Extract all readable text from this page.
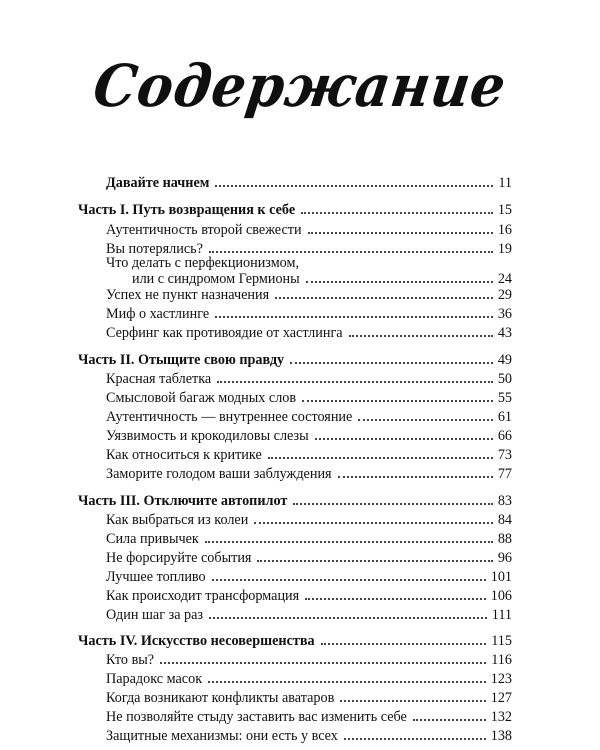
Содержание
Давайте начнем	11
Часть I. Путь возвращения к себе	15
Аутентичность второй свежести	16
Вы потерялись?	19
Что делать с перфекционизмом,
или с синдромом Гермионы	24
Успех не пункт назначения	29
Миф о хастлинге	36
Серфинг как противоядие от хастлинга	43
Часть II. Отыщите свою правду	49
Красная таблетка	50
Смысловой багаж модных слов	55
Аутентичность — внутреннее состояние	61
Уязвимость и крокодиловы слезы	66
Как относиться к критике	73
Заморите голодом ваши заблуждения	77
Часть III. Отключите автопилот	83
Как выбраться из колеи	84
Сила привычек	88
Не форсируйте события	96
Лучшее топливо	101
Как происходит трансформация	106
Один шаг за раз	111
Часть IV. Искусство несовершенства	115
Кто вы?	116
Парадокс масок	123
Когда возникают конфликты аватаров	127
Не позволяйте стыду заставить вас изменить себе	132
Защитные механизмы: они есть у всех	138
